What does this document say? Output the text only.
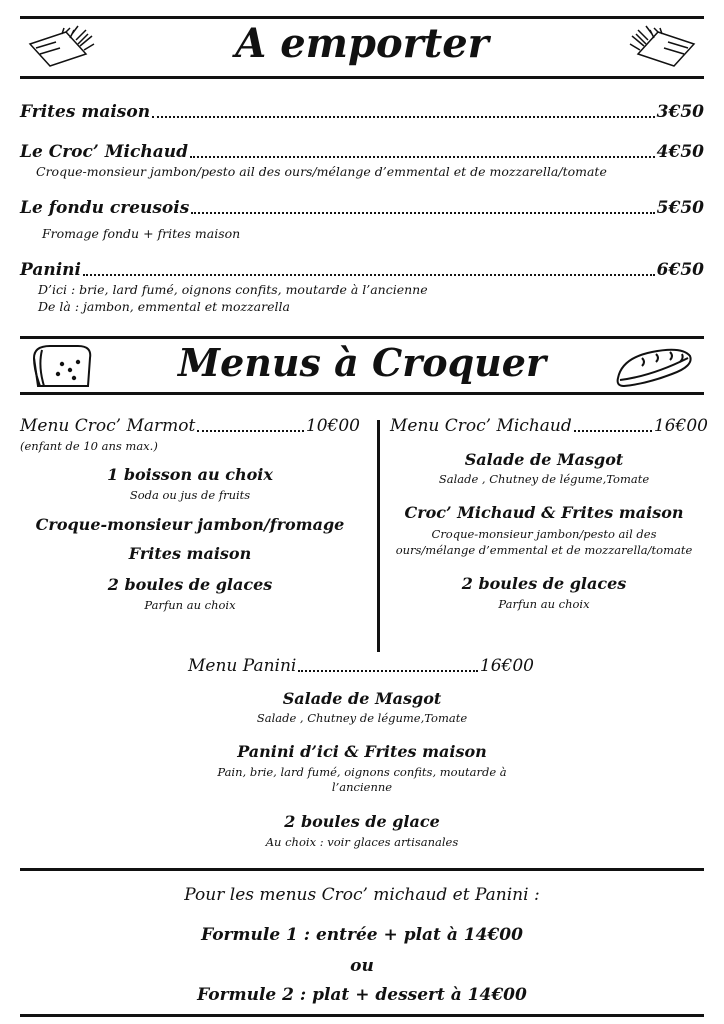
A emporter
Frites maison	3€50
Le Croc’ Michaud	4€50
Croque-monsieur jambon/pesto ail des ours/mélange d’emmental et de mozzarella/tomate
Le fondu creusois	5€50
Fromage fondu + frites maison
Panini	6€50
D’ici : brie, lard fumé, oignons confits, moutarde à l’ancienne
De là : jambon, emmental et mozzarella
Menus à Croquer
Menu Croc’ Marmot	10€00
(enfant de 10 ans max.)
1 boisson au choix
Soda ou jus de fruits
Croque-monsieur jambon/fromage
Frites maison
2 boules de glaces
Parfun au choix
Menu Croc’ Michaud	16€00
Salade de Masgot
Salade , Chutney de légume,Tomate
Croc’ Michaud & Frites maison
Croque-monsieur jambon/pesto ail des
ours/mélange d’emmental et de mozzarella/tomate
2 boules de glaces
Parfun au choix
Menu Panini	16€00
Salade de Masgot
Salade , Chutney de légume,Tomate
Panini d’ici & Frites maison
Pain, brie, lard fumé, oignons confits, moutarde à
l’ancienne
2 boules de glace
Au choix : voir glaces artisanales
Pour les menus Croc’ michaud et Panini :
Formule 1 : entrée + plat à 14€00
ou
Formule 2 : plat + dessert à 14€00
